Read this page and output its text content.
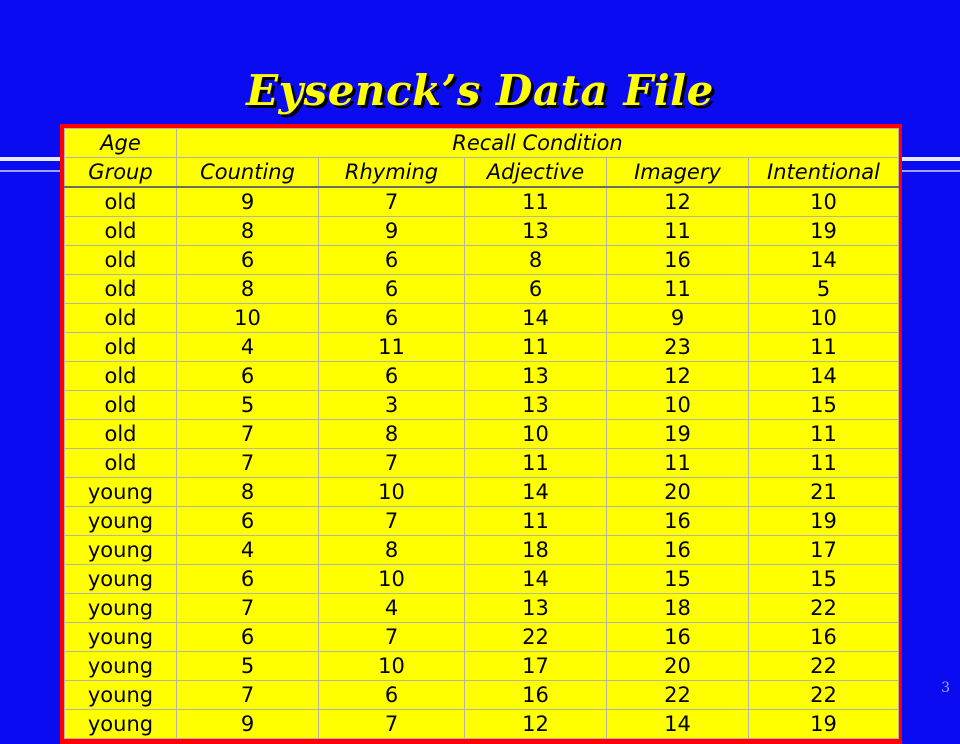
Eysenck’s Data File
Age	Recall Condition				
Group	Counting	Rhyming	Adjective	Imagery	Intentional
old	9	7	11	12	10
old	8	9	13	11	19
old	6	6	8	16	14
old	8	6	6	11	5
old	10	6	14	9	10
old	4	11	11	23	11
old	6	6	13	12	14
old	5	3	13	10	15
old	7	8	10	19	11
old	7	7	11	11	11
young	8	10	14	20	21
young	6	7	11	16	19
young	4	8	18	16	17
young	6	10	14	15	15
young	7	4	13	18	22
young	6	7	22	16	16
young	5	10	17	20	22
young	7	6	16	22	22
young	9	7	12	14	19
3
